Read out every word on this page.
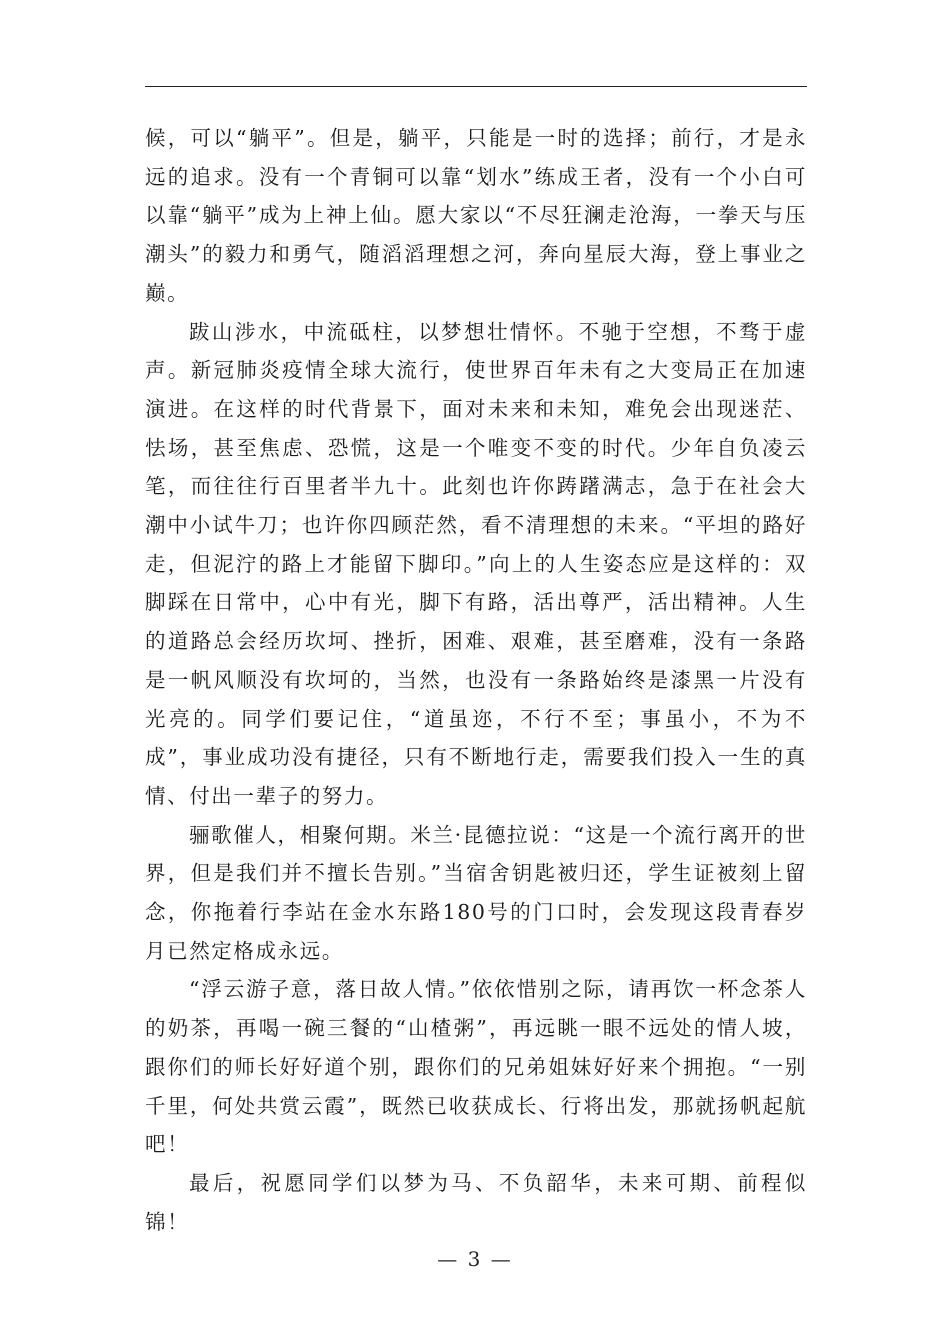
候，可以“躺平”。但是，躺平，只能是一时的选择；前行，才是永远的追求。没有一个青铜可以靠“划水”练成王者，没有一个小白可以靠“躺平”成为上神上仙。愿大家以“不尽狂澜走沧海，一拳天与压潮头”的毅力和勇气，随滔滔理想之河，奔向星辰大海，登上事业之巅。

跋山涉水，中流砥柱，以梦想壮情怀。不驰于空想，不骛于虚声。新冠肺炎疫情全球大流行，使世界百年未有之大变局正在加速演进。在这样的时代背景下，面对未来和未知，难免会出现迷茫、怯场，甚至焦虑、恐慌，这是一个唯变不变的时代。少年自负凌云笔，而往往行百里者半九十。此刻也许你踌躇满志，急于在社会大潮中小试牛刀；也许你四顾茫然，看不清理想的未来。“平坦的路好走，但泥泞的路上才能留下脚印。”向上的人生姿态应是这样的：双脚踩在日常中，心中有光，脚下有路，活出尊严，活出精神。人生的道路总会经历坎坷、挫折，困难、艰难，甚至磨难，没有一条路是一帆风顺没有坎坷的，当然，也没有一条路始终是漆黑一片没有光亮的。同学们要记住，“道虽迩，不行不至；事虽小，不为不成”，事业成功没有捷径，只有不断地行走，需要我们投入一生的真情、付出一辈子的努力。

骊歌催人，相聚何期。米兰·昆德拉说：“这是一个流行离开的世界，但是我们并不擅长告别。”当宿舍钥匙被归还，学生证被刻上留念，你拖着行李站在金水东路180号的门口时，会发现这段青春岁月已然定格成永远。

“浮云游子意，落日故人情。”依依惜别之际，请再饮一杯念茶人的奶茶，再喝一碗三餐的“山楂粥”，再远眺一眼不远处的情人坡，跟你们的师长好好道个别，跟你们的兄弟姐妹好好来个拥抱。“一别千里，何处共赏云霞”，既然已收获成长、行将出发，那就扬帆起航吧！

最后，祝愿同学们以梦为马、不负韶华，未来可期、前程似锦！

— 3 —
